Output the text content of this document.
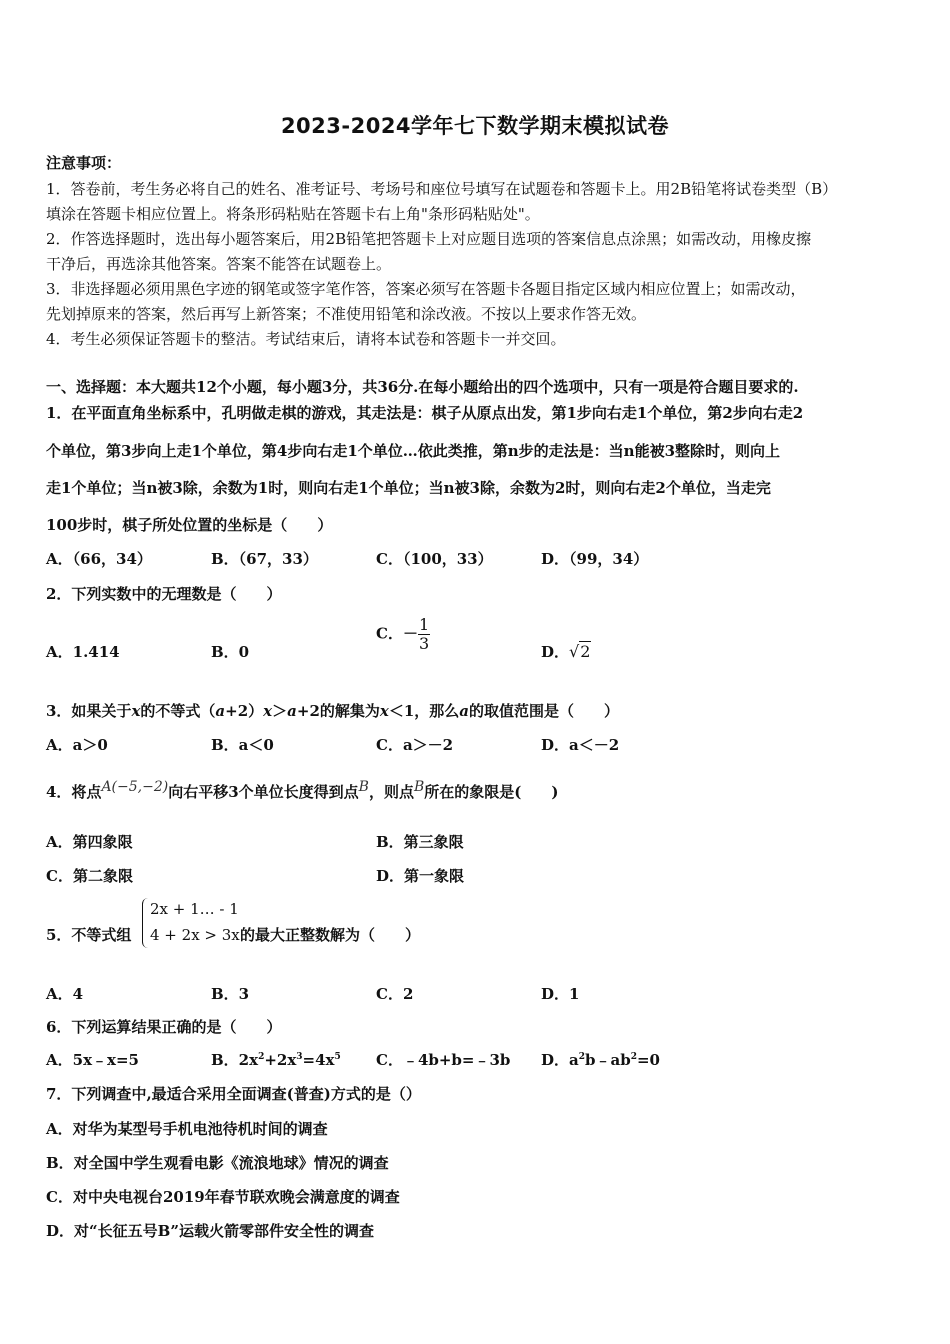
2023-2024学年七下数学期末模拟试卷
注意事项：
1．答卷前，考生务必将自己的姓名、准考证号、考场号和座位号填写在试题卷和答题卡上。用2B铅笔将试卷类型（B）
填涂在答题卡相应位置上。将条形码粘贴在答题卡右上角"条形码粘贴处"。
2．作答选择题时，选出每小题答案后，用2B铅笔把答题卡上对应题目选项的答案信息点涂黑；如需改动，用橡皮擦
干净后，再选涂其他答案。答案不能答在试题卷上。
3．非选择题必须用黑色字迹的钢笔或签字笔作答，答案必须写在答题卡各题目指定区域内相应位置上；如需改动，
先划掉原来的答案，然后再写上新答案；不准使用铅笔和涂改液。不按以上要求作答无效。
4．考生必须保证答题卡的整洁。考试结束后，请将本试卷和答题卡一并交回。
一、选择题：本大题共12个小题，每小题3分，共36分.在每小题给出的四个选项中，只有一项是符合题目要求的.
1．在平面直角坐标系中，孔明做走棋的游戏，其走法是：棋子从原点出发，第1步向右走1个单位，第2步向右走2
个单位，第3步向上走1个单位，第4步向右走1个单位…依此类推，第n步的走法是：当n能被3整除时，则向上
走1个单位；当n被3除，余数为1时，则向右走1个单位；当n被3除，余数为2时，则向右走2个单位，当走完
100步时，棋子所处位置的坐标是（　　）
A．（66，34）	B．（67，33）	C．（100，33）	D．（99，34）
2．下列实数中的无理数是（　　）
A．1.414	B．0
C．－ $\frac{1}{3}$	D．√2
3．如果关于x的不等式（a+2）x＞a+2的解集为x＜1，那么a的取值范围是（　　）
A．a＞0	B．a＜0	C．a＞－2	D．a＜－2
4．将点A(−5,−2)向右平移3个单位长度得到点B，则点B所在的象限是(　　)
A．第四象限	B．第三象限
C．第二象限	D．第一象限
5．不等式组
2x + 1… - 1
4 + 2x > 3x 的最大正整数解为（　　）
A．4	B．3	C．2	D．1
6．下列运算结果正确的是（　　）
A．5x﹣x=5	B．$2x^2+2x^3=4x^5$ C．﹣4b+b=﹣3b D．$a^2b﹣ab^2=0$
7．下列调查中,最适合采用全面调查(普查)方式的是（）
A．对华为某型号手机电池待机时间的调查
B．对全国中学生观看电影《流浪地球》情况的调查
C．对中央电视台2019年春节联欢晚会满意度的调查
D．对“长征五号B”运载火箭零部件安全性的调查
